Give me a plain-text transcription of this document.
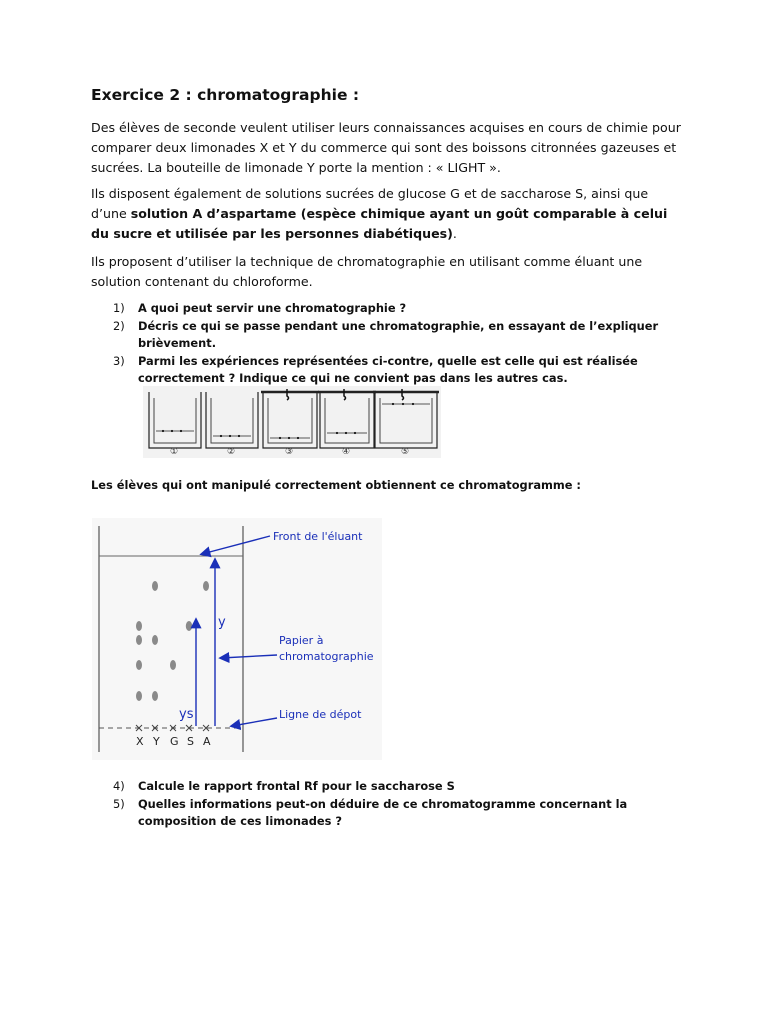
Exercice 2 : chromatographie :

Des élèves de seconde veulent utiliser leurs connaissances acquises en cours de chimie pour comparer deux limonades X et Y du commerce qui sont des boissons citronnées gazeuses et sucrées. La bouteille de limonade Y porte la mention : « LIGHT ».

Ils disposent également de solutions sucrées de glucose G et de saccharose S, ainsi que d’une solution A d’aspartame (espèce chimique ayant un goût comparable à celui du sucre et utilisée par les personnes diabétiques).

Ils proposent d’utiliser la technique de chromatographie en utilisant comme éluant une solution contenant du chloroforme.

1) A quoi peut servir une chromatographie ?
2) Décris ce qui se passe pendant une chromatographie, en essayant de l’expliquer brièvement.
3) Parmi les expériences représentées ci-contre, quelle est celle qui est réalisée correctement ? Indique ce qui ne convient pas dans les autres cas.
①	②	③	④	⑤

Les élèves qui ont manipulé correctement obtiennent ce chromatogramme :

X Y G S A
y
ys
Front de l'éluant
Papier à
chromatographie
Ligne de dépot
4) Calcule le rapport frontal Rf pour le saccharose S
5) Quelles informations peut-on déduire de ce chromatogramme concernant la composition de ces limonades ?
